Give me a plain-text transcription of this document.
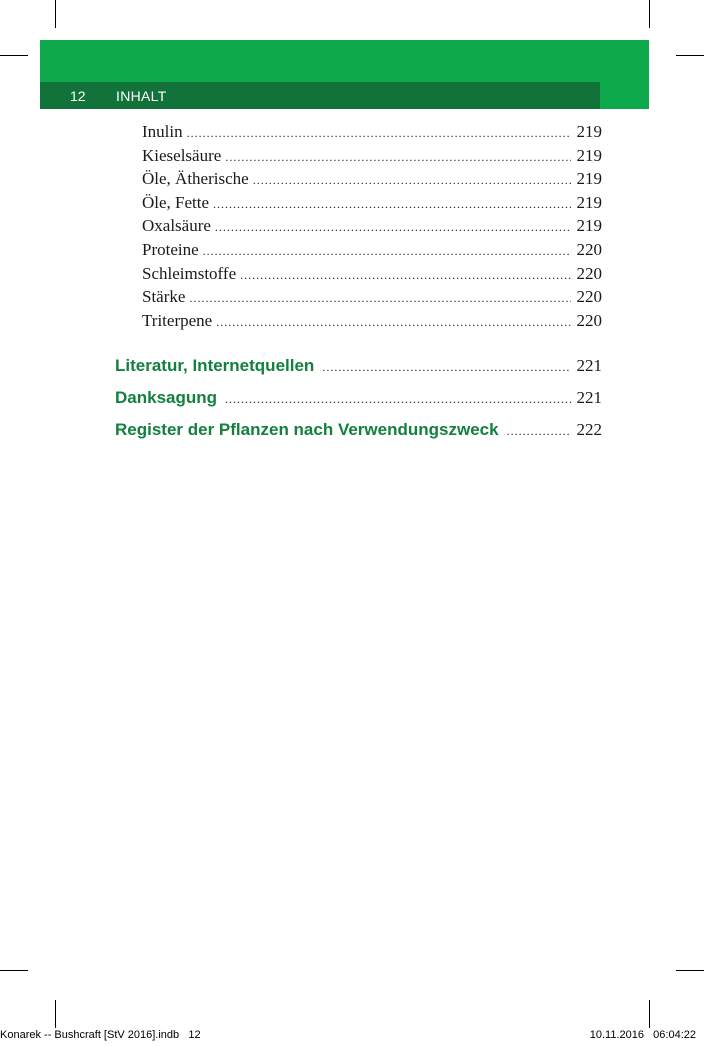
12 INHALT
Inulin .....	219
Kieselsäure .....	219
Öle, Ätherische .....	219
Öle, Fette .....	219
Oxalsäure .....	219
Proteine .....	220
Schleimstoffe .....	220
Stärke .....	220
Triterpene .....	220
Literatur, Internetquellen .....	221
Danksagung .....	221
Register der Pflanzen nach Verwendungszweck .....	222
Konarek -- Bushcraft [StV 2016].indb   12	10.11.2016   06:04:22
